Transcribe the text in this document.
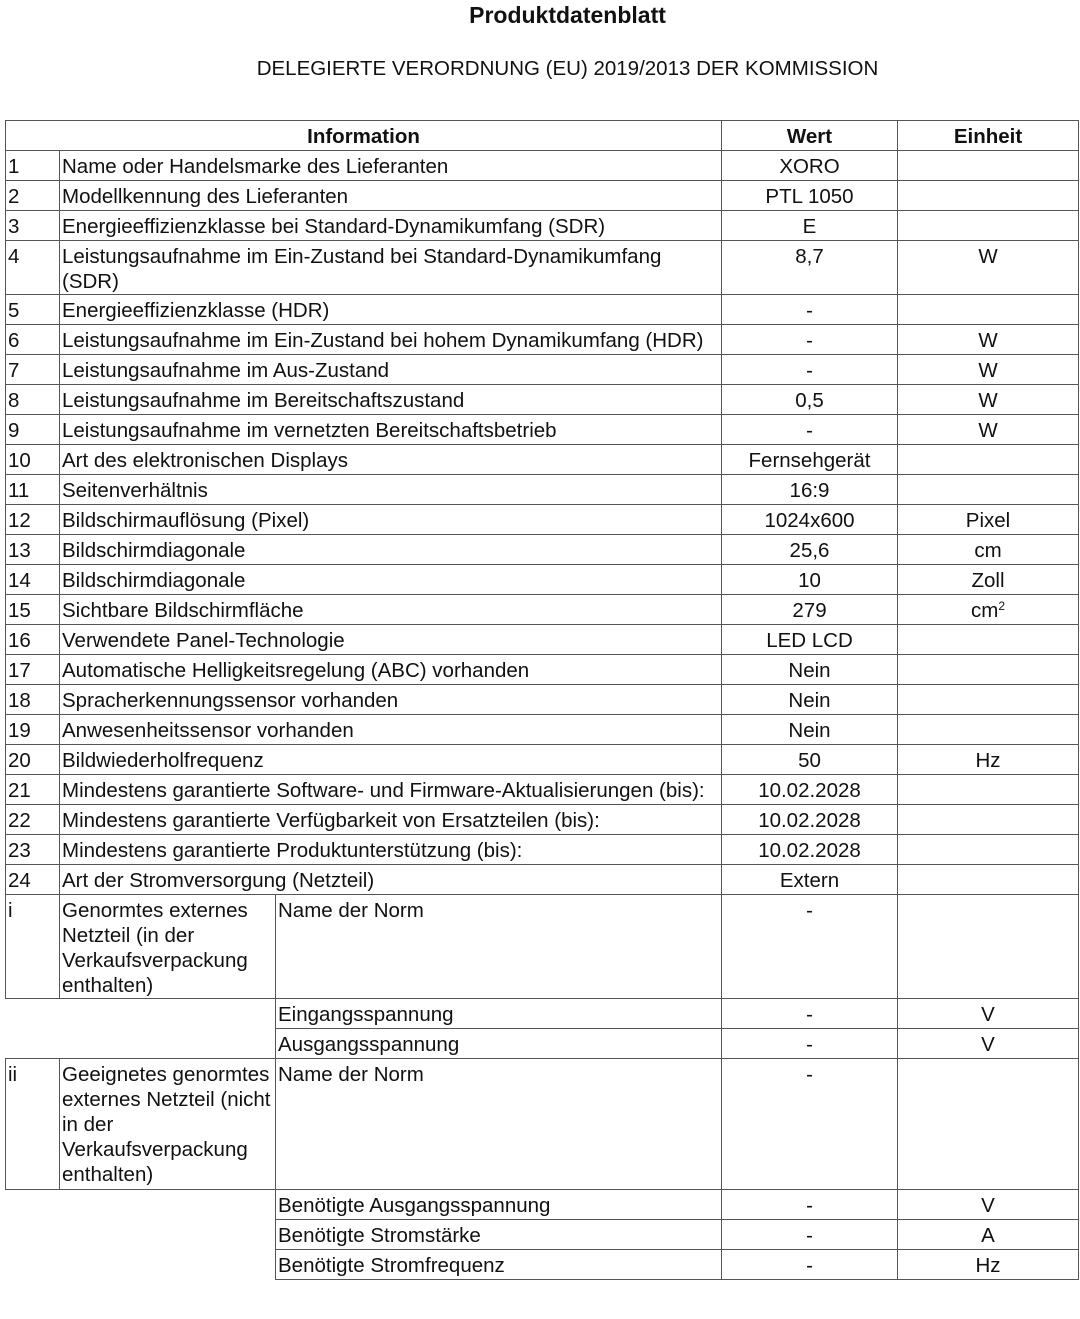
Produktdatenblatt
DELEGIERTE VERORDNUNG (EU) 2019/2013 DER KOMMISSION
Information			Wert	Einheit
1	Name oder Handelsmarke des Lieferanten		XORO	
2	Modellkennung des Lieferanten		PTL 1050	
3	Energieeffizienzklasse bei Standard-Dynamikumfang (SDR)		E	
4	Leistungsaufnahme im Ein-Zustand bei Standard-Dynamikumfang (SDR)		8,7	W
5	Energieeffizienzklasse (HDR)		-	
6	Leistungsaufnahme im Ein-Zustand bei hohem Dynamikumfang (HDR)		-	W
7	Leistungsaufnahme im Aus-Zustand		-	W
8	Leistungsaufnahme im Bereitschaftszustand		0,5	W
9	Leistungsaufnahme im vernetzten Bereitschaftsbetrieb		-	W
10	Art des elektronischen Displays		Fernsehgerät	
11	Seitenverhältnis		16:9	
12	Bildschirmauflösung (Pixel)		1024x600	Pixel
13	Bildschirmdiagonale		25,6	cm
14	Bildschirmdiagonale		10	Zoll
15	Sichtbare Bildschirmfläche		279	$cm^2$
16	Verwendete Panel-Technologie		LED LCD	
17	Automatische Helligkeitsregelung (ABC) vorhanden		Nein	
18	Spracherkennungssensor vorhanden		Nein	
19	Anwesenheitssensor vorhanden		Nein	
20	Bildwiederholfrequenz		50	Hz
21	Mindestens garantierte Software- und Firmware-Aktualisierungen (bis):		10.02.2028	
22	Mindestens garantierte Verfügbarkeit von Ersatzteilen (bis):		10.02.2028	
23	Mindestens garantierte Produktunterstützung (bis):		10.02.2028	
24	Art der Stromversorgung (Netzteil)		Extern	
i	Genormtes externes Netzteil (in der Verkaufsverpackung enthalten)	Name der Norm	-	
		Eingangsspannung	-	V
		Ausgangsspannung	-	V
ii	Geeignetes genormtes externes Netzteil (nicht in der Verkaufsverpackung enthalten)	Name der Norm	-	
		Benötigte Ausgangsspannung	-	V
		Benötigte Stromstärke	-	A
		Benötigte Stromfrequenz	-	Hz
